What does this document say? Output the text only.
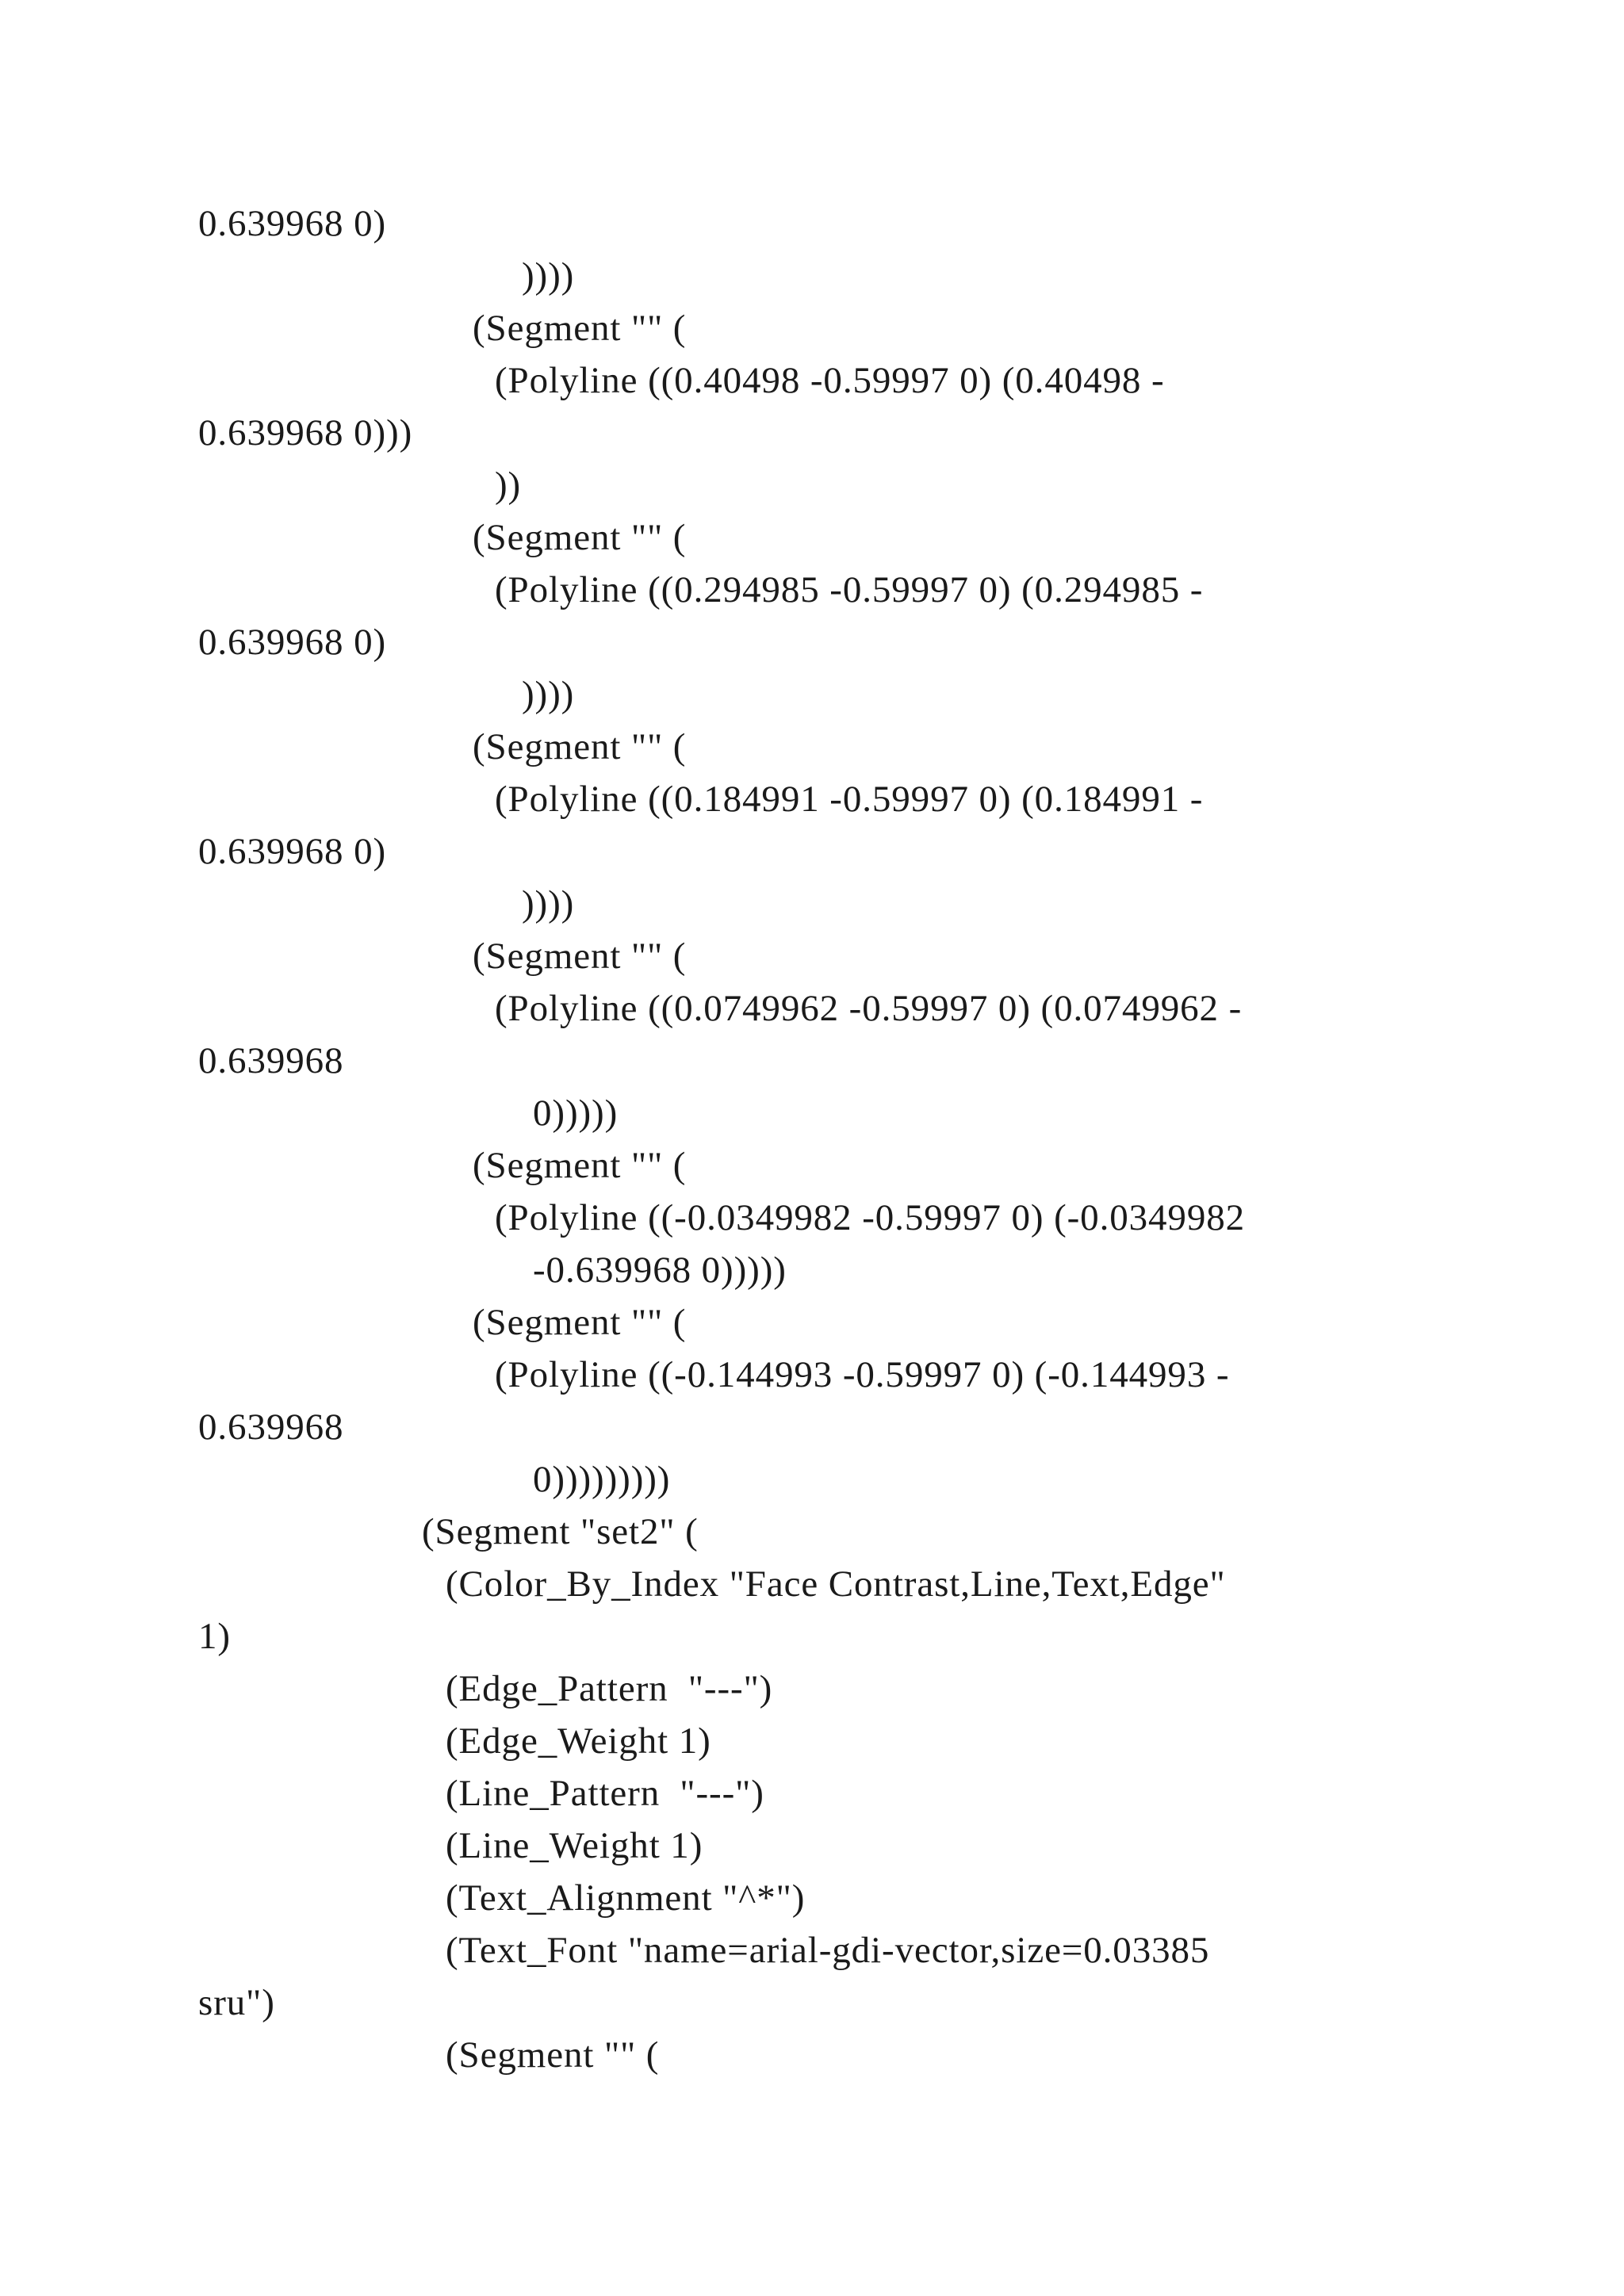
0.639968 0)
))))
(Segment "" (
(Polyline ((0.40498 -0.59997 0) (0.40498 -
0.639968 0)))
))
(Segment "" (
(Polyline ((0.294985 -0.59997 0) (0.294985 -
0.639968 0)
))))
(Segment "" (
(Polyline ((0.184991 -0.59997 0) (0.184991 -
0.639968 0)
))))
(Segment "" (
(Polyline ((0.0749962 -0.59997 0) (0.0749962 -
0.639968
0)))))
(Segment "" (
(Polyline ((-0.0349982 -0.59997 0) (-0.0349982
-0.639968 0)))))
(Segment "" (
(Polyline ((-0.144993 -0.59997 0) (-0.144993 -
0.639968
0)))))))))
(Segment "set2" (
(Color_By_Index "Face Contrast,Line,Text,Edge"
1)
(Edge_Pattern  "---")
(Edge_Weight 1)
(Line_Pattern  "---")
(Line_Weight 1)
(Text_Alignment "^*")
(Text_Font "name=arial-gdi-vector,size=0.03385
sru")
(Segment "" (
